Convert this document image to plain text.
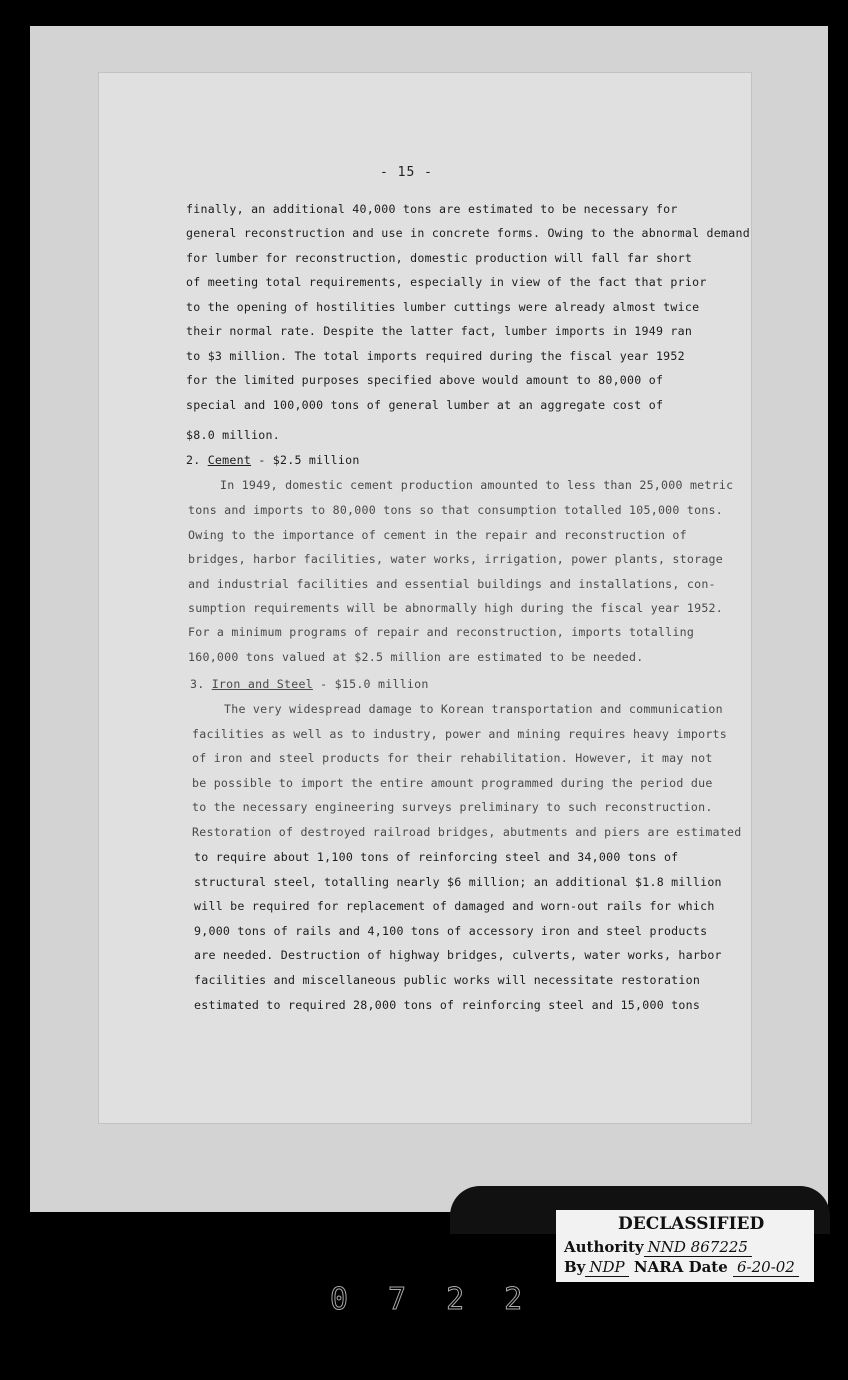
- 15 -
finally, an additional 40,000 tons are estimated to be necessary for
general reconstruction and use in concrete forms. Owing to the abnormal demand
for lumber for reconstruction, domestic production will fall far short
of meeting total requirements, especially in view of the fact that prior
to the opening of hostilities lumber cuttings were already almost twice
their normal rate. Despite the latter fact, lumber imports in 1949 ran
to $3 million. The total imports required during the fiscal year 1952
for the limited purposes specified above would amount to 80,000 of
special and 100,000 tons of general lumber at an aggregate cost of
$8.0 million.
2. Cement - $2.5 million
In 1949, domestic cement production amounted to less than 25,000 metric
tons and imports to 80,000 tons so that consumption totalled 105,000 tons.
Owing to the importance of cement in the repair and reconstruction of
bridges, harbor facilities, water works, irrigation, power plants, storage
and industrial facilities and essential buildings and installations, con-
sumption requirements will be abnormally high during the fiscal year 1952.
For a minimum programs of repair and reconstruction, imports totalling
160,000 tons valued at $2.5 million are estimated to be needed.
3. Iron and Steel - $15.0 million
The very widespread damage to Korean transportation and communication
facilities as well as to industry, power and mining requires heavy imports
of iron and steel products for their rehabilitation. However, it may not
be possible to import the entire amount programmed during the period due
to the necessary engineering surveys preliminary to such reconstruction.
Restoration of destroyed railroad bridges, abutments and piers are estimated
to require about 1,100 tons of reinforcing steel and 34,000 tons of
structural steel, totalling nearly $6 million; an additional $1.8 million
will be required for replacement of damaged and worn-out rails for which
9,000 tons of rails and 4,100 tons of accessory iron and steel products
are needed. Destruction of highway bridges, culverts, water works, harbor
facilities and miscellaneous public works will necessitate restoration
estimated to required 28,000 tons of reinforcing steel and 15,000 tons
DECLASSIFIED
Authority NND 867225
By NDP NARA Date 6-20-02
0722
